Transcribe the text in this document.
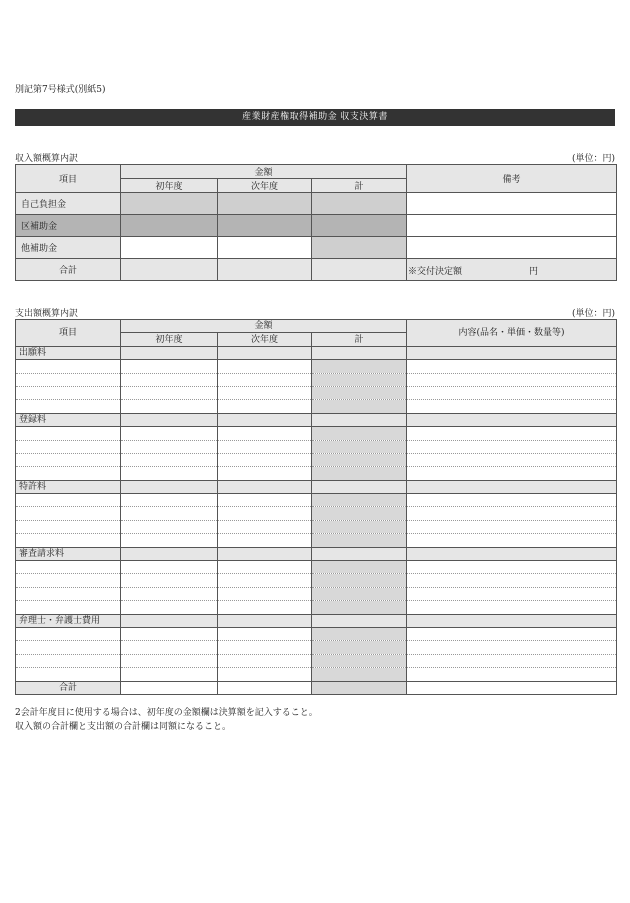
別記第7号様式(別紙5)
産業財産権取得補助金 収支決算書
収入額概算内訳	(単位：円)
項目	金額			備考
	初年度	次年度	計	
自己負担金				
区補助金				
他補助金				
合計				※交付決定額 円
支出額概算内訳	(単位：円)
項目	金額			内容(品名・単価・数量等)
	初年度	次年度	計	
出願料				

登録料				

特許料				

審査請求料				

弁理士・弁護士費用				

合計				
2会計年度目に使用する場合は、初年度の金額欄は決算額を記入すること。
収入額の合計欄と支出額の合計欄は同額になること。
